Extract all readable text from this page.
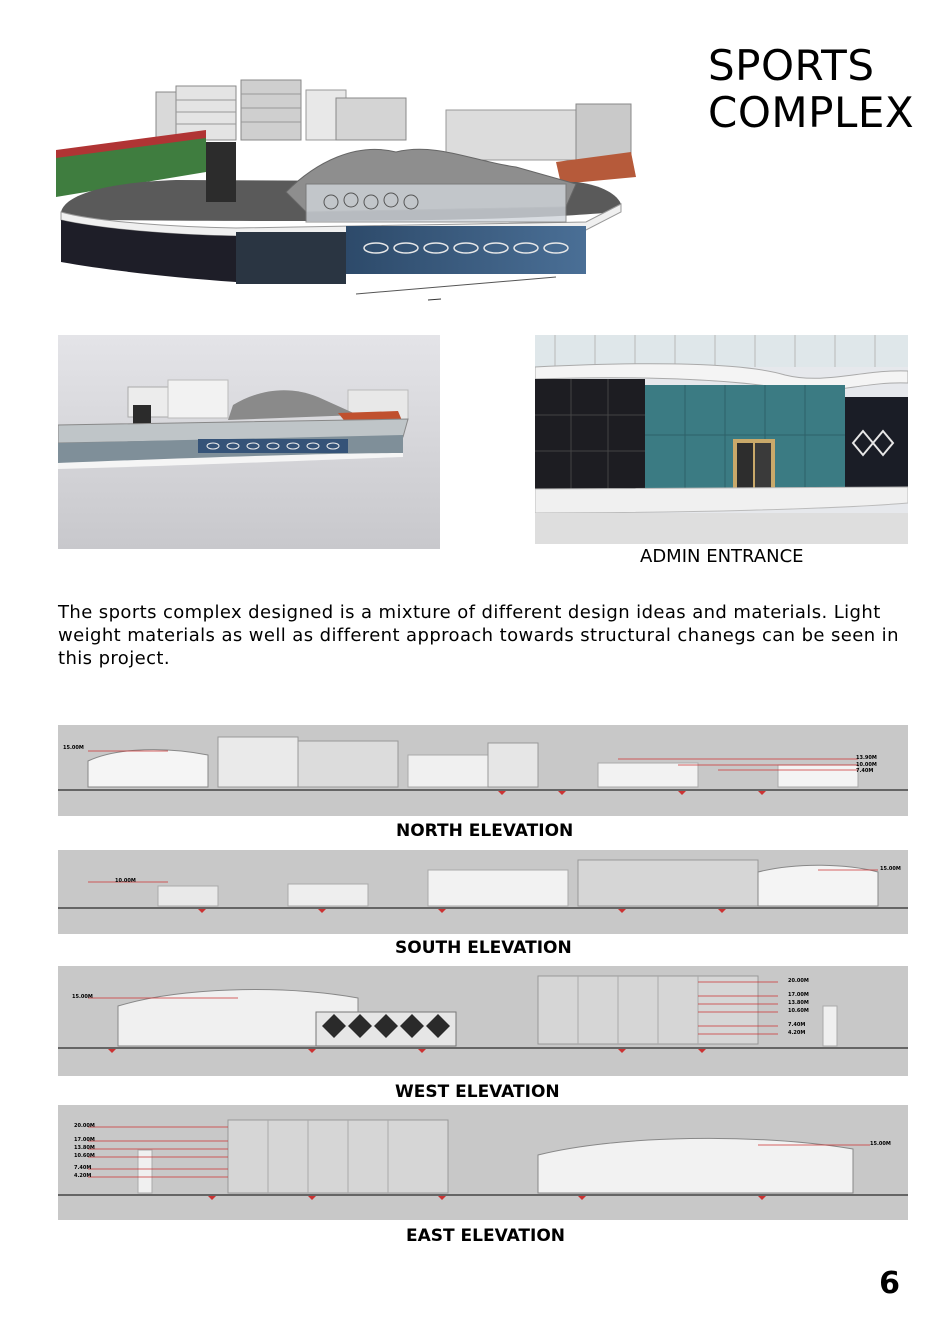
SPORTS
COMPLEX
ADMIN ENTRANCE
The sports complex designed is a mixture of different design ideas and materials. Light weight materials as well as different approach towards structural chanegs can be seen in this project.
15.00M
13.90M
10.00M
7.40M
NORTH ELEVATION
10.00M
15.00M
SOUTH ELEVATION
15.00M
20.00M
17.00M
13.80M
10.60M
7.40M
4.20M
WEST ELEVATION
20.00M
17.00M
13.80M
10.60M
7.40M
4.20M
15.00M
EAST ELEVATION
6
